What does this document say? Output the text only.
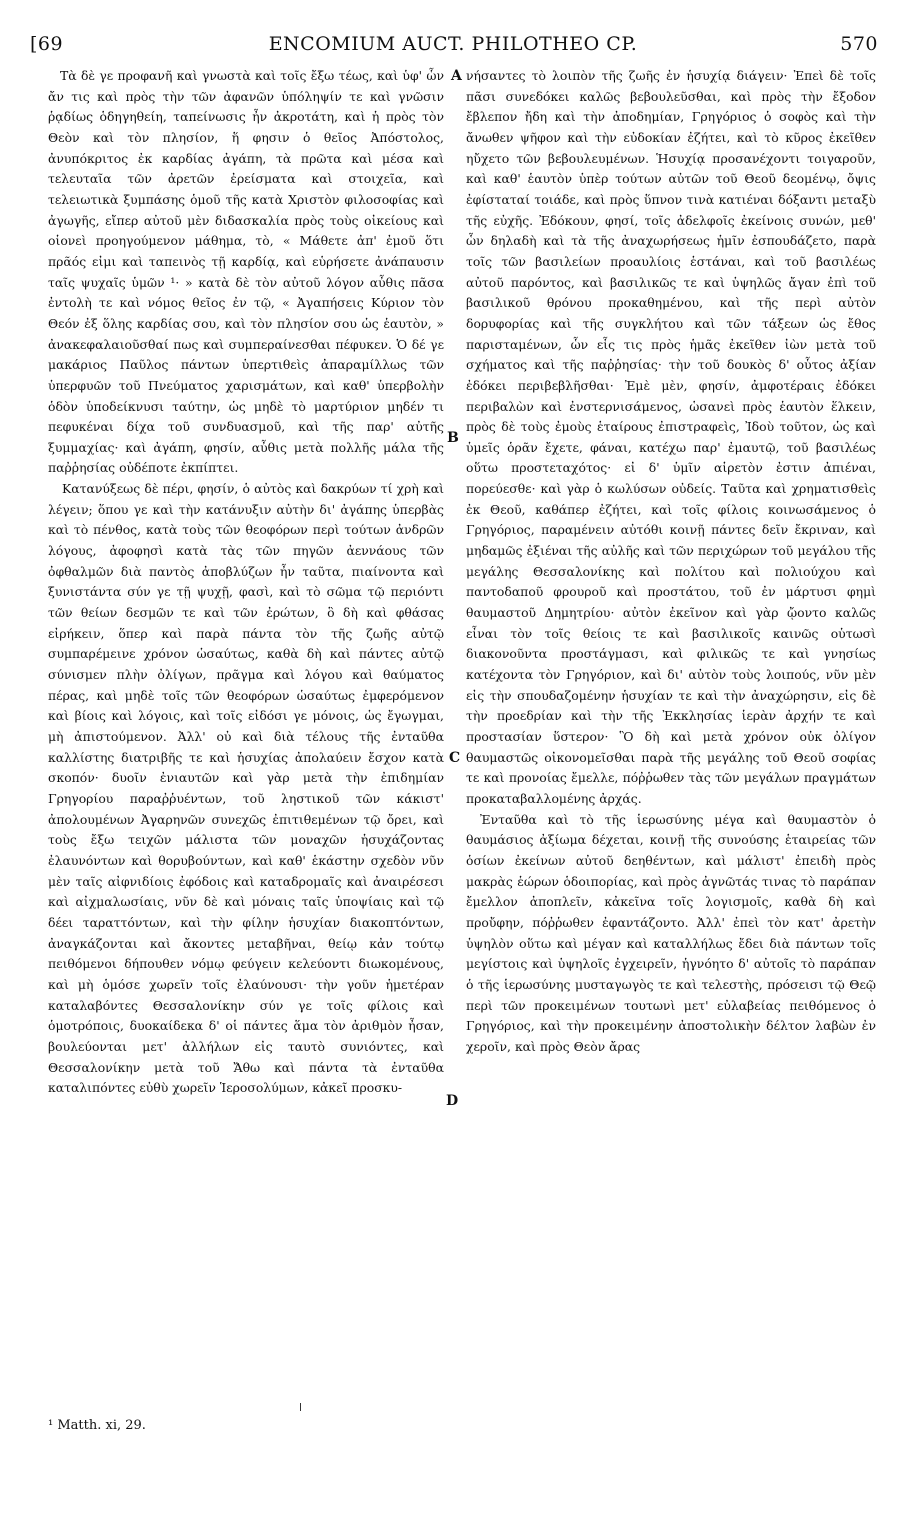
[69	ENCOMIUM AUCT. PHILOTHEO CP.	570

Τὰ δὲ γε προφανῆ καὶ γνωστὰ καὶ τοῖς ἔξω τέως, καὶ ὑφ' ὧν ἄν τις καὶ πρὸς τὴν τῶν ἀφανῶν ὑπόληψίν τε καὶ γνῶσιν ῥᾳδίως ὁδηγηθείη, ταπείνωσις ἦν ἀκροτάτη, καὶ ἡ πρὸς τὸν Θεὸν καὶ τὸν πλησίον, ἥ φησιν ὁ θεῖος Ἀπόστολος, ἀνυπόκριτος ἐκ καρδίας ἀγάπη, τὰ πρῶτα καὶ μέσα καὶ τελευταῖα τῶν ἀρετῶν ἐρείσματα καὶ στοιχεῖα, καὶ τελειωτικὰ ξυμπάσης ὁμοῦ τῆς κατὰ Χριστὸν φιλοσοφίας καὶ ἀγωγῆς, εἴπερ αὐτοῦ μὲν διδασκαλία πρὸς τοὺς οἰκείους καὶ οἱονεὶ προηγούμενον μάθημα, τὸ, « Μάθετε ἀπ' ἐμοῦ ὅτι πρᾶός εἰμι καὶ ταπεινὸς τῇ καρδίᾳ, καὶ εὑρήσετε ἀνάπαυσιν ταῖς ψυχαῖς ὑμῶν ¹· » κατὰ δὲ τὸν αὐτοῦ λόγον αὖθις πᾶσα ἐντολὴ τε καὶ νόμος θεῖος ἐν τῷ, « Ἀγαπήσεις Κύριον τὸν Θεόν ἐξ ὅλης καρδίας σου, καὶ τὸν πλησίον σου ὡς ἑαυτὸν, » ἀνακεφαλαιοῦσθαί πως καὶ συμπεραίνεσθαι πέφυκεν. Ὁ δέ γε μακάριος Παῦλος πάντων ὑπερτιθεὶς ἀπαραμίλλως τῶν ὑπερφυῶν τοῦ Πνεύματος χαρισμάτων, καὶ καθ' ὑπερβολὴν ὁδὸν ὑποδείκνυσι ταύτην, ὡς μηδὲ τὸ μαρτύριον μηδέν τι πεφυκέναι δίχα τοῦ συνδυασμοῦ, καὶ τῆς παρ' αὐτῆς ξυμμαχίας· καὶ ἀγάπη, φησίν, αὖθις μετὰ πολλῆς μάλα τῆς παῤῥησίας οὐδέποτε ἐκπίπτει.

Κατανύξεως δὲ πέρι, φησίν, ὁ αὐτὸς καὶ δακρύων τί χρὴ καὶ λέγειν; ὅπου γε καὶ τὴν κατάνυξιν αὐτὴν δι' ἀγάπης ὑπερβὰς καὶ τὸ πένθος, κατὰ τοὺς τῶν θεοφόρων περὶ τούτων ἀνδρῶν λόγους, ἀφοφησὶ κατὰ τὰς τῶν πηγῶν ἀεννάους τῶν ὀφθαλμῶν διὰ παντὸς ἀποβλύζων ἦν ταῦτα, πιαίνοντα καὶ ξυνιστάντα σύν γε τῇ ψυχῇ, φασὶ, καὶ τὸ σῶμα τῷ περιόντι τῶν θείων δεσμῶν τε καὶ τῶν ἐρώτων, ὃ δὴ καὶ φθάσας εἰρήκειν, ὅπερ καὶ παρὰ πάντα τὸν τῆς ζωῆς αὐτῷ συμπαρέμεινε χρόνον ὡσαύτως, καθὰ δὴ καὶ πάντες αὐτῷ σύνισμεν πλὴν ὀλίγων, πρᾶγμα καὶ λόγου καὶ θαύματος πέρας, καὶ μηδὲ τοῖς τῶν θεοφόρων ὡσαύτως ἐμφερόμενον καὶ βίοις καὶ λόγοις, καὶ τοῖς εἰδόσι γε μόνοις, ὡς ἔγωγμαι, μὴ ἀπιστούμενον. Ἀλλ' οὐ καὶ διὰ τέλους τῆς ἐνταῦθα καλλίστης διατριβῆς τε καὶ ἡσυχίας ἀπολαύειν ἔσχον κατὰ σκοπόν· δυοῖν ἐνιαυτῶν καὶ γὰρ μετὰ τὴν ἐπιδημίαν Γρηγορίου παραῤῥυέντων, τοῦ ληστικοῦ τῶν κάκιστ' ἀπολουμένων Ἀγαρηνῶν συνεχῶς ἐπιτιθεμένων τῷ ὄρει, καὶ τοὺς ἔξω τειχῶν μάλιστα τῶν μοναχῶν ἡσυχάζοντας ἐλαυνόντων καὶ θορυβούντων, καὶ καθ' ἑκάστην σχεδὸν νῦν μὲν ταῖς αἰφνιδίοις ἐφόδοις καὶ καταδρομαῖς καὶ ἀναιρέσεσι καὶ αἰχμαλωσίαις, νῦν δὲ καὶ μόναις ταῖς ὑποψίαις καὶ τῷ δέει ταραττόντων, καὶ τὴν φίλην ἡσυχίαν διακοπτόντων, ἀναγκάζονται καὶ ἄκοντες μεταβῆναι, θείῳ κἀν τούτῳ πειθόμενοι δήπουθεν νόμῳ φεύγειν κελεύοντι διωκομένους, καὶ μὴ ὁμόσε χωρεῖν τοῖς ἐλαύνουσι· τὴν γοῦν ἡμετέραν καταλαβόντες Θεσσαλονίκην σύν γε τοῖς φίλοις καὶ ὁμοτρόποις, δυοκαίδεκα δ' οἱ πάντες ἅμα τὸν ἀριθμὸν ἦσαν, βουλεύονται μετ' ἀλλήλων εἰς ταυτὸ συνιόντες, καὶ Θεσσαλονίκην μετὰ τοῦ Ἄθω καὶ πάντα τὰ ἐνταῦθα καταλιπόντες εὐθὺ χωρεῖν Ἱεροσολύμων, κἀκεῖ προσκυ-

νήσαντες τὸ λοιπὸν τῆς ζωῆς ἐν ἡσυχίᾳ διάγειν· Ἐπεὶ δὲ τοῖς πᾶσι συνεδόκει καλῶς βεβουλεῦσθαι, καὶ πρὸς τὴν ἔξοδον ἔβλεπον ἤδη καὶ τὴν ἀποδημίαν, Γρηγόριος ὁ σοφὸς καὶ τὴν ἄνωθεν ψῆφον καὶ τὴν εὐδοκίαν ἐζήτει, καὶ τὸ κῦρος ἐκεῖθεν ηὔχετο τῶν βεβουλευμένων. Ἡσυχίᾳ προσανέχοντι τοιγαροῦν, καὶ καθ' ἑαυτὸν ὑπὲρ τούτων αὐτῶν τοῦ Θεοῦ δεομένῳ, ὄψις ἐφίσταταί τοιάδε, καὶ πρὸς ὕπνον τινὰ κατιέναι δόξαντι μεταξὺ τῆς εὐχῆς. Ἐδόκουν, φησί, τοῖς ἀδελφοῖς ἐκείνοις συνών, μεθ' ὧν δηλαδὴ καὶ τὰ τῆς ἀναχωρήσεως ἡμῖν ἐσπουδάζετο, παρὰ τοῖς τῶν βασιλείων προαυλίοις ἑστάναι, καὶ τοῦ βασιλέως αὐτοῦ παρόντος, καὶ βασιλικῶς τε καὶ ὑψηλῶς ἄγαν ἐπὶ τοῦ βασιλικοῦ θρόνου προκαθημένου, καὶ τῆς περὶ αὐτὸν δορυφορίας καὶ τῆς συγκλήτου καὶ τῶν τάξεων ὡς ἔθος παρισταμένων, ὧν εἷς τις πρὸς ἡμᾶς ἐκεῖθεν ἰὼν μετὰ τοῦ σχήματος καὶ τῆς παῤῥησίας· τὴν τοῦ δουκὸς δ' οὗτος ἀξίαν ἐδόκει περιβεβλῆσθαι· Ἐμὲ μὲν, φησίν, ἀμφοτέραις ἐδόκει περιβαλὼν καὶ ἐνστερνισάμενος, ὡσανεὶ πρὸς ἑαυτὸν ἕλκειν, πρὸς δὲ τοὺς ἐμοὺς ἑταίρους ἐπιστραφεὶς, Ἰδοὺ τοῦτον, ὡς καὶ ὑμεῖς ὁρᾶν ἔχετε, φάναι, κατέχω παρ' ἐμαυτῷ, τοῦ βασιλέως οὕτω προστεταχότος· εἰ δ' ὑμῖν αἱρετὸν ἐστιν ἀπιέναι, πορεύεσθε· καὶ γὰρ ὁ κωλύσων οὐδείς. Ταῦτα καὶ χρηματισθεὶς ἐκ Θεοῦ, καθάπερ ἐζήτει, καὶ τοῖς φίλοις κοινωσάμενος ὁ Γρηγόριος, παραμένειν αὐτόθι κοινῇ πάντες δεῖν ἔκριναν, καὶ μηδαμῶς ἐξιέναι τῆς αὐλῆς καὶ τῶν περιχώρων τοῦ μεγάλου τῆς μεγάλης Θεσσαλονίκης καὶ πολίτου καὶ πολιούχου καὶ παντοδαποῦ φρουροῦ καὶ προστάτου, τοῦ ἐν μάρτυσι φημὶ θαυμαστοῦ Δημητρίου· αὐτὸν ἐκεῖνον καὶ γὰρ ᾤοντο καλῶς εἶναι τὸν τοῖς θείοις τε καὶ βασιλικοῖς καινῶς οὑτωσὶ διακονοῦντα προστάγμασι, καὶ φιλικῶς τε καὶ γνησίως κατέχοντα τὸν Γρηγόριον, καὶ δι' αὐτὸν τοὺς λοιπούς, νῦν μὲν εἰς τὴν σπουδαζομένην ἡσυχίαν τε καὶ τὴν ἀναχώρησιν, εἰς δὲ τὴν προεδρίαν καὶ τὴν τῆς Ἐκκλησίας ἱερὰν ἀρχήν τε καὶ προστασίαν ὕστερον· Ὃ δὴ καὶ μετὰ χρόνον οὐκ ὀλίγον θαυμαστῶς οἰκονομεῖσθαι παρὰ τῆς μεγάλης τοῦ Θεοῦ σοφίας τε καὶ προνοίας ἔμελλε, πόῤῥωθεν τὰς τῶν μεγάλων πραγμάτων προκαταβαλλομένης ἀρχάς.

Ἐνταῦθα καὶ τὸ τῆς ἱερωσύνης μέγα καὶ θαυμαστὸν ὁ θαυμάσιος ἀξίωμα δέχεται, κοινῇ τῆς συνούσης ἑταιρείας τῶν ὁσίων ἐκείνων αὐτοῦ δεηθέντων, καὶ μάλιστ' ἐπειδὴ πρὸς μακρὰς ἑώρων ὁδοιπορίας, καὶ πρὸς ἀγνῶτάς τινας τὸ παράπαν ἔμελλον ἀποπλεῖν, κἀκεῖνα τοῖς λογισμοῖς, καθὰ δὴ καὶ προὔφην, πόῤῥωθεν ἐφαντάζοντο. Ἀλλ' ἐπεὶ τὸν κατ' ἀρετὴν ὑψηλὸν οὕτω καὶ μέγαν καὶ καταλλήλως ἔδει διὰ πάντων τοῖς μεγίστοις καὶ ὑψηλοῖς ἐγχειρεῖν, ἡγνόητο δ' αὐτοῖς τὸ παράπαν ὁ τῆς ἱερωσύνης μυσταγωγὸς τε καὶ τελεστὴς, πρόσεισι τῷ Θεῷ περὶ τῶν προκειμένων τουτωνὶ μετ' εὐλαβείας πειθόμενος ὁ Γρηγόριος, καὶ τὴν προκειμένην ἀποστολικὴν δέλτον λαβὼν ἐν χεροῖν, καὶ πρὸς Θεὸν ἄρας

A
B
C
D
¹ Matth. xi, 29.
